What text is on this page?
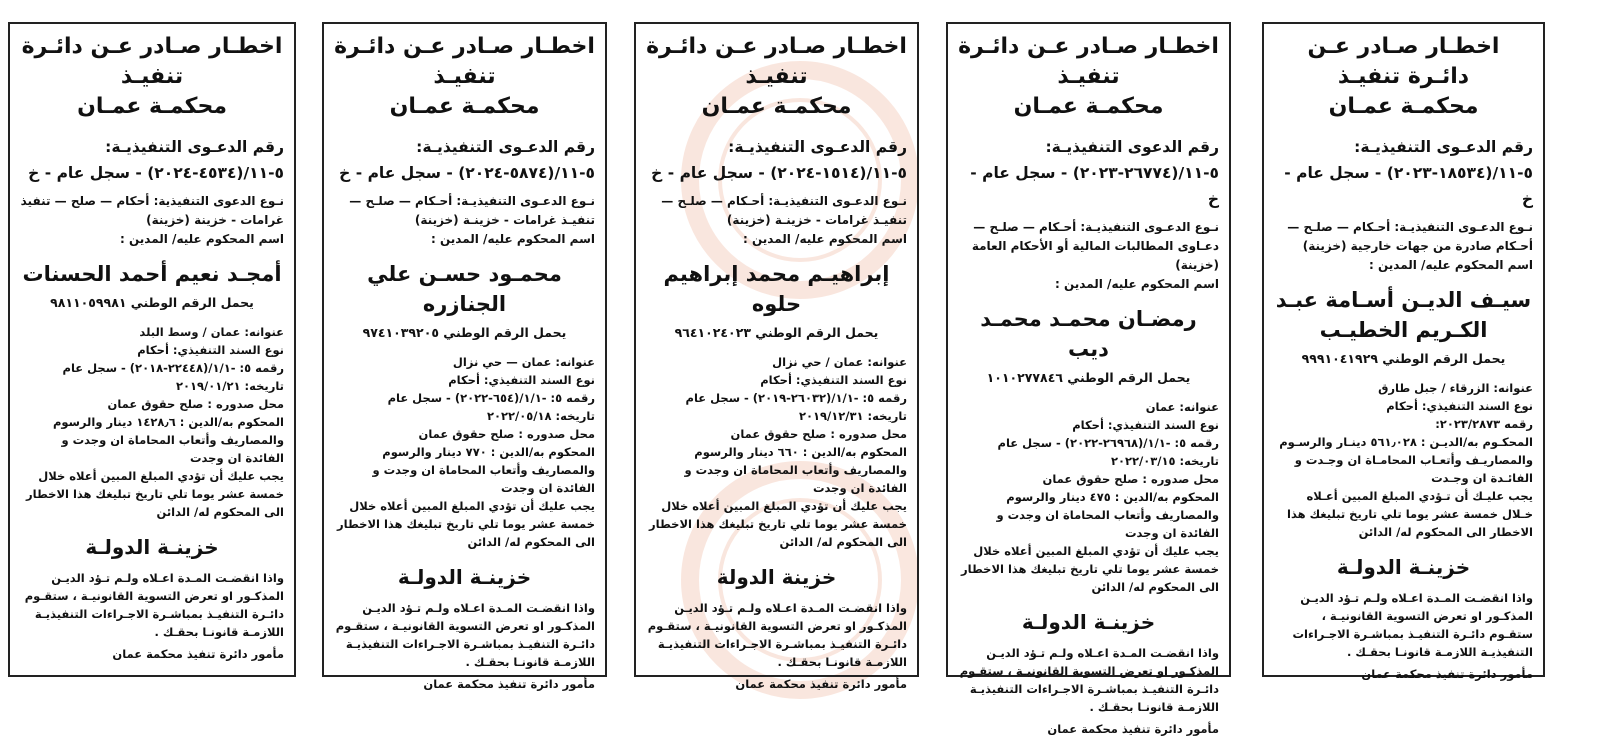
اخطـار صـادر عـن دائـرة تنفيـذ
محكمـة عمـان
رقم الدعـوى التنفيذيـة: ٥-١١/(١٨٥٣٤-٢٠٢٣) - سجل عام - خ
نـوع الدعـوى التنفيذيـة: أحـكام — صلـح — أحـكام صادرة من جهات خارجية (خزينة)
اسم المحكوم عليه/ المدين :
سيـف الديـن أسـامة عبـد الكـريم الخطيـب
يحمل الرقم الوطني ٩٩٩١٠٤١٩٢٩
عنوانه: الزرقاء / جبل طارق
نوع السند التنفيذي: أحكام
رقمه ٢٠٢٣/٢٨٧٣:
المحكـوم به/الديـن : ٥٦١٫٠٢٨ دينـار والرسـوم والمصاريـف وأتعـاب المحامـاة ان وجـدت و الفائـدة ان وجـدت
يجب عليـك أن تـؤدي المبلغ المبين أعـلاه خـلال خمسة عشر يوما تلي تاريخ تبليغك هذا الاخطار الى المحكوم له/ الدائن
خزينـة الدولـة
واذا انقضـت المـدة اعـلاه ولـم تـؤد الديـن المذكـور او تعرض التسوية القانونيـة ، ستقـوم دائـرة التنفيـذ بمباشـرة الاجـراءات التنفيذيـة اللازمـة قانونـا بحقـك .
مأمور دائرة تنفيذ محكمة عمان
اخطـار صـادر عـن دائـرة تنفيـذ
محكمـة عمـان
رقم الدعوى التنفيذيـة: ٥-١١/(٢٦٧٧٤-٢٠٢٣) - سجل عام - خ
نـوع الدعـوى التنفيذيـة: أحـكام — صلـح — دعـاوى المطالبات المالية أو الأحكام العامة (خزينة)
اسم المحكوم عليه/ المدين :
رمضـان محمـد محمـد ديب
يحمل الرقم الوطني ١٠١٠٢٧٧٨٤٦
عنوانه: عمان
نوع السند التنفيذي: أحكام
رقمه ٥: -١/١/(٢٦٩٦٨-٢٠٢٢) - سجل عام
تاريخه: ٢٠٢٢/٠٣/١٥
محل صدوره : صلح حقوق عمان
المحكوم به/الدين : ٤٧٥ دينار والرسوم والمصاريف وأتعاب المحاماة ان وجدت و الفائدة ان وجدت
يجب عليك أن تؤدي المبلغ المبين أعلاه خلال خمسة عشر يوما تلي تاريخ تبليغك هذا الاخطار الى المحكوم له/ الدائن
خزينـة الدولـة
واذا انقضـت المـدة اعـلاه ولـم تـؤد الديـن المذكـور او تعرض التسوية القانونيـة ، ستقـوم دائـرة التنفيـذ بمباشـرة الاجـراءات التنفيذيـة اللازمـة قانونـا بحقـك .
مأمور دائرة تنفيذ محكمة عمان
اخطـار صـادر عـن دائـرة تنفيـذ
محكمـة عمـان
رقم الدعـوى التنفيذيـة: ٥-١١/(١٥١٤-٢٠٢٤) - سجل عام - خ
نـوع الدعـوى التنفيذيـة: أحـكام — صلـح — تنفيـذ غرامات - خزينـة (خزينة)
اسم المحكوم عليه/ المدين :
إبراهيـم محمد إبراهيم حلوه
يحمل الرقم الوطني ٩٦٤١٠٢٤٠٢٣
عنوانه: عمان / حي نزال
نوع السند التنفيذي: أحكام
رقمه ٥: -١/١/(٢٦٠٣٢-٢٠١٩) - سجل عام
تاريخه: ٢٠١٩/١٢/٣١
محل صدوره : صلح حقوق عمان
المحكوم به/الدين : ٦٦٠ دينار والرسوم والمصاريف وأتعاب المحاماة ان وجدت و الفائدة ان وجدت
يجب عليك أن تؤدي المبلغ المبين أعلاه خلال خمسة عشر يوما تلي تاريخ تبليغك هذا الاخطار الى المحكوم له/ الدائن
خزينة الدولة
واذا انقضـت المـدة اعـلاه ولـم تـؤد الديـن المذكـور او تعرض التسوية القانونيـة ، ستقـوم دائـرة التنفيـذ بمباشـرة الاجـراءات التنفيذيـة اللازمـة قانونـا بحقـك .
مأمور دائرة تنفيذ محكمة عمان
اخطـار صـادر عـن دائـرة تنفيـذ
محكمـة عمـان
رقم الدعـوى التنفيذيـة: ٥-١١/(٥٨٧٤-٢٠٢٤) - سجل عام - خ
نـوع الدعـوى التنفيذيـة: أحـكام — صلـح — تنفيـذ غرامات - خزينـة (خزينة)
اسم المحكوم عليه/ المدين :
محمـود حسـن علي الجنازره
يحمل الرقم الوطني ٩٧٤١٠٣٩٢٠٥
عنوانه: عمان — حي نزال
نوع السند التنفيذي: أحكام
رقمه ٥: -١/١/(٦٥٤-٢٠٢٢) - سجل عام
تاريخه: ٢٠٢٢/٠٥/١٨
محل صدوره : صلح حقوق عمان
المحكوم به/الدين : ٧٧٠ دينار والرسوم والمصاريف وأتعاب المحاماة ان وجدت و الفائدة ان وجدت
يجب عليك أن تؤدي المبلغ المبين أعلاه خلال خمسة عشر يوما تلي تاريخ تبليغك هذا الاخطار الى المحكوم له/ الدائن
خزينـة الدولـة
واذا انقضـت المـدة اعـلاه ولـم تـؤد الديـن المذكـور او تعرض التسوية القانونيـة ، ستقـوم دائـرة التنفيـذ بمباشـرة الاجـراءات التنفيذيـة اللازمـة قانونـا بحقـك .
مأمور دائرة تنفيذ محكمة عمان
اخطـار صـادر عـن دائـرة تنفيـذ
محكمـة عمـان
رقم الدعـوى التنفيذيـة: ٥-١١/(٤٥٣٤-٢٠٢٤) - سجل عام - خ
نـوع الدعوى التنفيذية: أحكام — صلح — تنفيذ غرامات - خزينة (خزينة)
اسم المحكوم عليه/ المدين :
أمجـد نعيم أحمد الحسنات
يحمل الرقم الوطني ٩٨١١٠٥٩٩٨١
عنوانه: عمان / وسط البلد
نوع السند التنفيذي: أحكام
رقمه ٥: -١/١/(٢٢٤٤٨-٢٠١٨) - سجل عام
تاريخه: ٢٠١٩/٠١/٢١
محل صدوره : صلح حقوق عمان
المحكوم به/الدين : ١٤٢٨٫٦ دينار والرسوم والمصاريف وأتعاب المحاماة ان وجدت و الفائدة ان وجدت
يجب عليك أن تؤدي المبلغ المبين أعلاه خلال خمسة عشر يوما تلي تاريخ تبليغك هذا الاخطار الى المحكوم له/ الدائن
خزينـة الدولـة
واذا انقضـت المـدة اعـلاه ولـم تـؤد الديـن المذكـور او تعرض التسوية القانونيـة ، ستقـوم دائـرة التنفيـذ بمباشـرة الاجـراءات التنفيذيـة اللازمـة قانونـا بحقـك .
مأمور دائرة تنفيذ محكمة عمان
